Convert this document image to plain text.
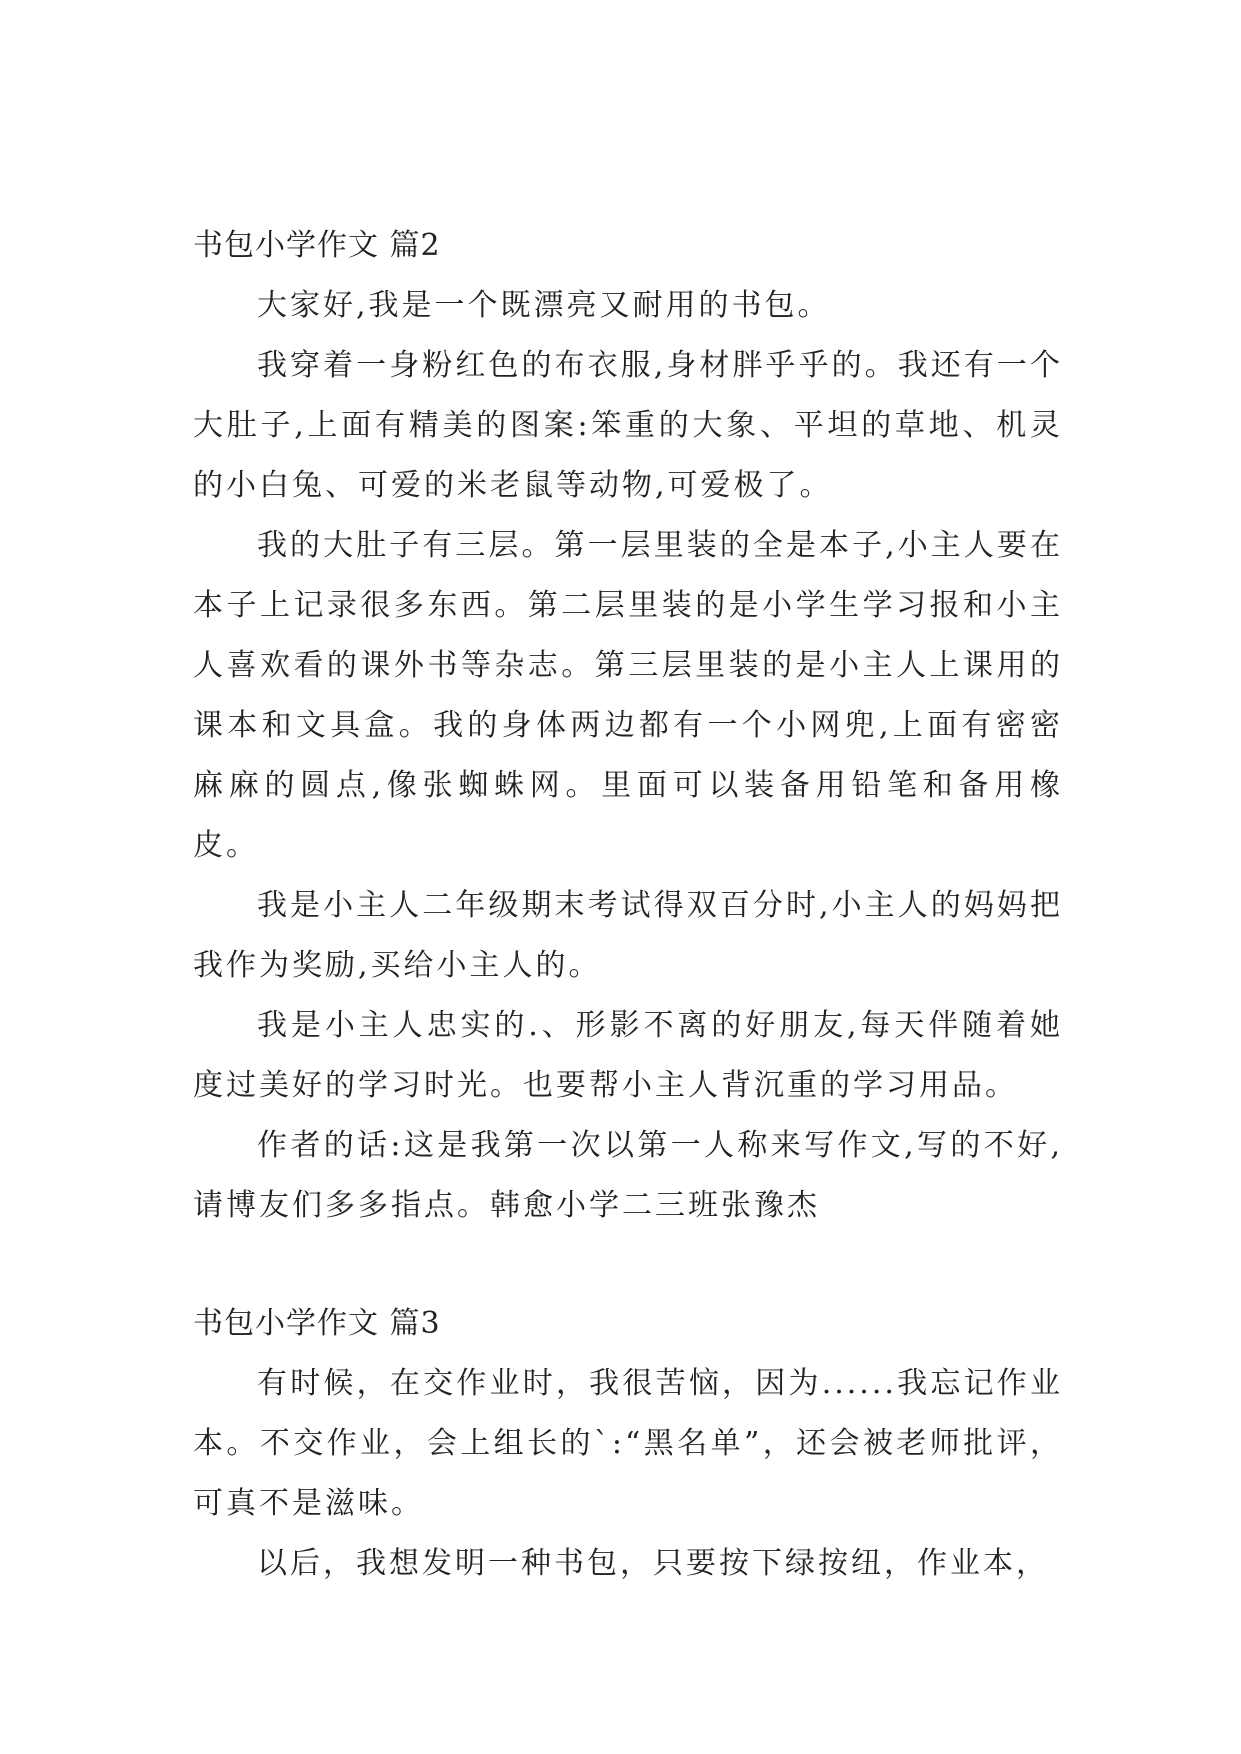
书包小学作文 篇2

大家好,我是一个既漂亮又耐用的书包。

我穿着一身粉红色的布衣服,身材胖乎乎的。我还有一个大肚子,上面有精美的图案:笨重的大象、平坦的草地、机灵的小白兔、可爱的米老鼠等动物,可爱极了。

我的大肚子有三层。第一层里装的全是本子,小主人要在本子上记录很多东西。第二层里装的是小学生学习报和小主人喜欢看的课外书等杂志。第三层里装的是小主人上课用的课本和文具盒。我的身体两边都有一个小网兜,上面有密密麻麻的圆点,像张蜘蛛网。里面可以装备用铅笔和备用橡皮。

我是小主人二年级期末考试得双百分时,小主人的妈妈把我作为奖励,买给小主人的。

我是小主人忠实的.、形影不离的好朋友,每天伴随着她度过美好的学习时光。也要帮小主人背沉重的学习用品。

作者的话:这是我第一次以第一人称来写作文,写的不好,请博友们多多指点。韩愈小学二三班张豫杰

书包小学作文 篇3

有时候，在交作业时，我很苦恼，因为......我忘记作业本。不交作业，会上组长的`:“黑名单”，还会被老师批评，可真不是滋味。

以后，我想发明一种书包，只要按下绿按纽，作业本，
